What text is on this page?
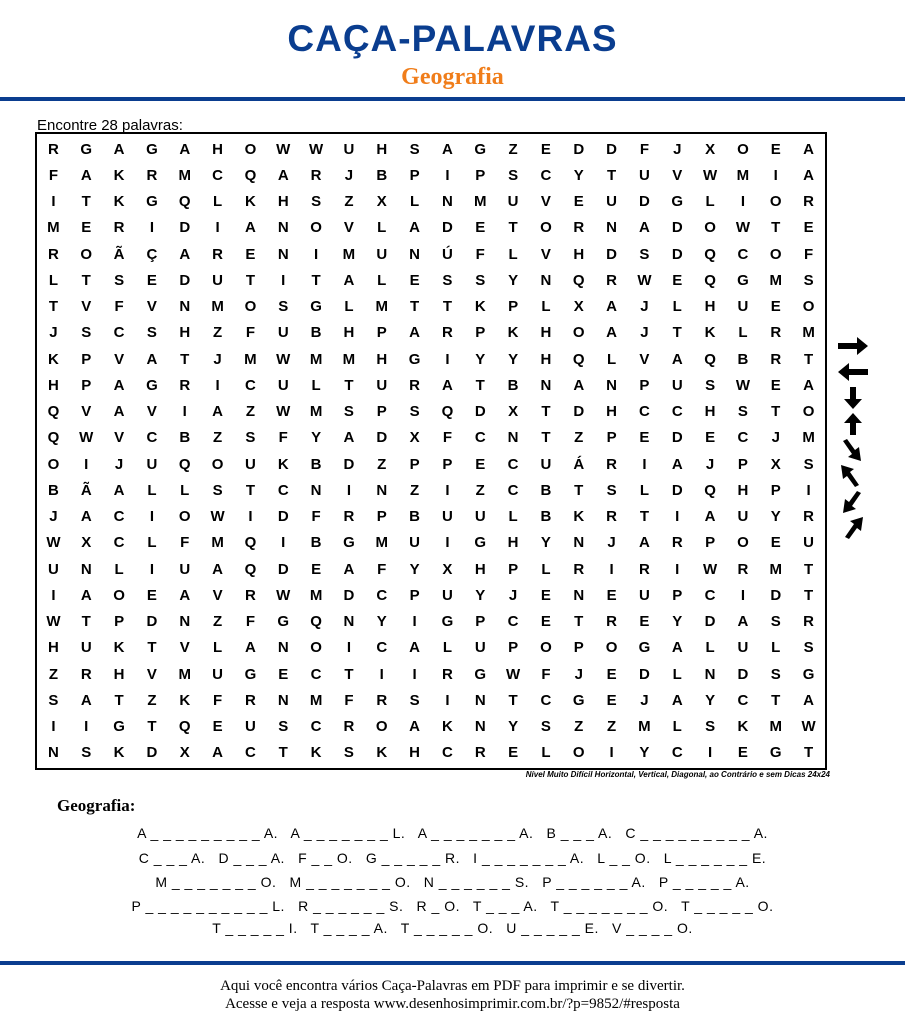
CAÇA-PALAVRAS
Geografia
Encontre 28 palavras:
R	G	A	G	A	H	O	W	W	U	H	S	A	G	Z	E	D	D	F	J	X	O	E	A
F	A	K	R	M	C	Q	A	R	J	B	P	I	P	S	C	Y	T	U	V	W	M	I	A
I	T	K	G	Q	L	K	H	S	Z	X	L	N	M	U	V	E	U	D	G	L	I	O	R
M	E	R	I	D	I	A	N	O	V	L	A	D	E	T	O	R	N	A	D	O	W	T	E
R	O	Ã	Ç	A	R	E	N	I	M	U	N	Ú	F	L	V	H	D	S	D	Q	C	O	F
L	T	S	E	D	U	T	I	T	A	L	E	S	S	Y	N	Q	R	W	E	Q	G	M	S
T	V	F	V	N	M	O	S	G	L	M	T	T	K	P	L	X	A	J	L	H	U	E	O
J	S	C	S	H	Z	F	U	B	H	P	A	R	P	K	H	O	A	J	T	K	L	R	M
K	P	V	A	T	J	M	W	M	M	H	G	I	Y	Y	H	Q	L	V	A	Q	B	R	T
H	P	A	G	R	I	C	U	L	T	U	R	A	T	B	N	A	N	P	U	S	W	E	A
Q	V	A	V	I	A	Z	W	M	S	P	S	Q	D	X	T	D	H	C	C	H	S	T	O
Q	W	V	C	B	Z	S	F	Y	A	D	X	F	C	N	T	Z	P	E	D	E	C	J	M
O	I	J	U	Q	O	U	K	B	D	Z	P	P	E	C	U	Á	R	I	A	J	P	X	S
B	Ã	A	L	L	S	T	C	N	I	N	Z	I	Z	C	B	T	S	L	D	Q	H	P	I
J	A	C	I	O	W	I	D	F	R	P	B	U	U	L	B	K	R	T	I	A	U	Y	R
W	X	C	L	F	M	Q	I	B	G	M	U	I	G	H	Y	N	J	A	R	P	O	E	U
U	N	L	I	U	A	Q	D	E	A	F	Y	X	H	P	L	R	I	R	I	W	R	M	T
I	A	O	E	A	V	R	W	M	D	C	P	U	Y	J	E	N	E	U	P	C	I	D	T
W	T	P	D	N	Z	F	G	Q	N	Y	I	G	P	C	E	T	R	E	Y	D	A	S	R
H	U	K	T	V	L	A	N	O	I	C	A	L	U	P	O	P	O	G	A	L	U	L	S
Z	R	H	V	M	U	G	E	C	T	I	I	R	G	W	F	J	E	D	L	N	D	S	G
S	A	T	Z	K	F	R	N	M	F	R	S	I	N	T	C	G	E	J	A	Y	C	T	A
I	I	G	T	Q	E	U	S	C	R	O	A	K	N	Y	S	Z	Z	M	L	S	K	M	W
N	S	K	D	X	A	C	T	K	S	K	H	C	R	E	L	O	I	Y	C	I	E	G	T
Nível Muito Difícil Horizontal, Vertical, Diagonal, ao Contrário e sem Dicas 24x24
Geografia:
A _ _ _ _ _ _ _ _ _ A.   A _ _ _ _ _ _ _ L.   A _ _ _ _ _ _ _ A.   B _ _ _ A.   C _ _ _ _ _ _ _ _ _ A.
C _ _ _ A.   D _ _ _ A.   F _ _ O.   G _ _ _ _ _ R.   I _ _ _ _ _ _ _ A.   L _ _ O.   L _ _ _ _ _ _ E.
M _ _ _ _ _ _ _ O.   M _ _ _ _ _ _ _ O.   N _ _ _ _ _ _ S.   P _ _ _ _ _ _ A.   P _ _ _ _ _ A.
P _ _ _ _ _ _ _ _ _ _ L.   R _ _ _ _ _ _ S.   R _ O.   T _ _ _ A.   T _ _ _ _ _ _ _ O.   T _ _ _ _ _ O.
T _ _ _ _ _ I.   T _ _ _ _ A.   T _ _ _ _ _ O.   U _ _ _ _ _ E.   V _ _ _ _ O.
Aqui você encontra vários Caça-Palavras em PDF para imprimir e se divertir.
Acesse e veja a resposta www.desenhosimprimir.com.br/?p=9852/#resposta
